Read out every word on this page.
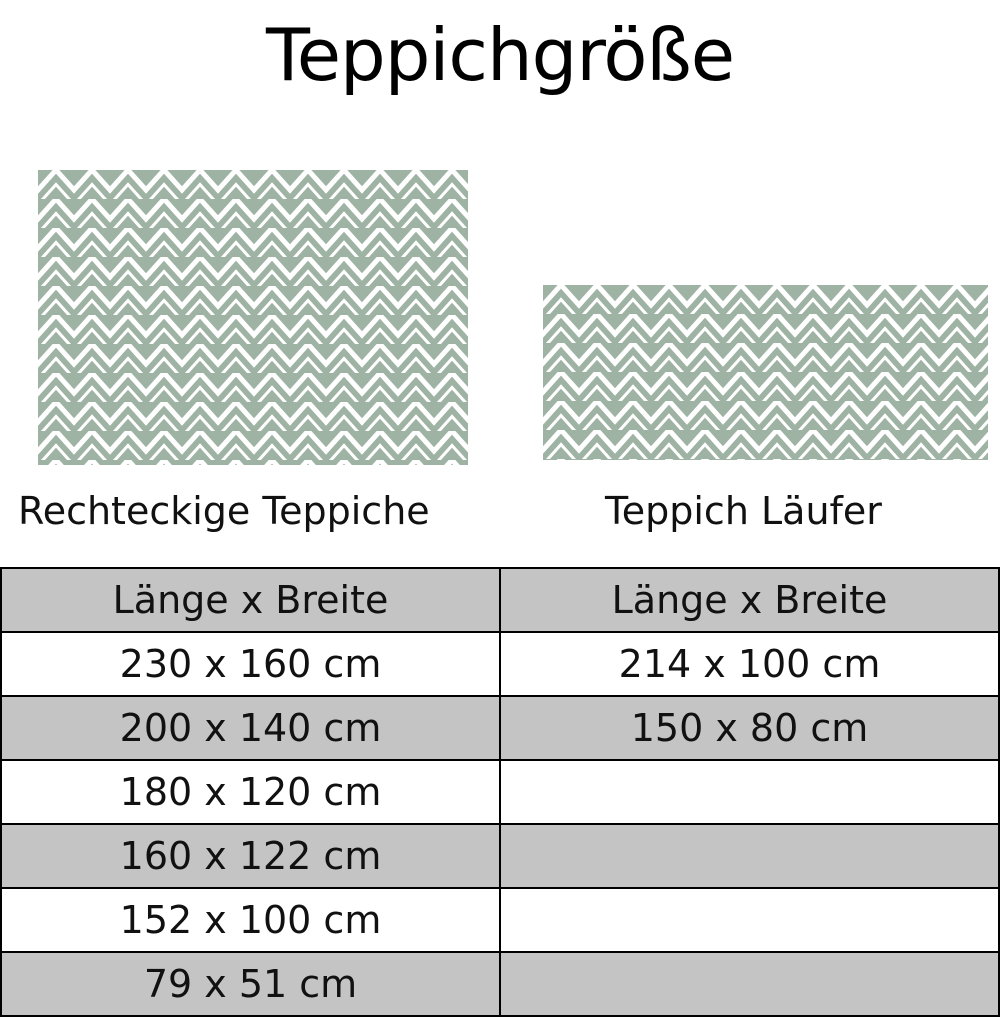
Teppichgröße
Rechteckige Teppiche	Teppich Läufer
Länge x Breite	Länge x Breite
230 x 160 cm	214 x 100 cm
200 x 140 cm	150 x 80 cm
180 x 120 cm	
160 x 122 cm	
152 x 100 cm	
79 x 51 cm	
